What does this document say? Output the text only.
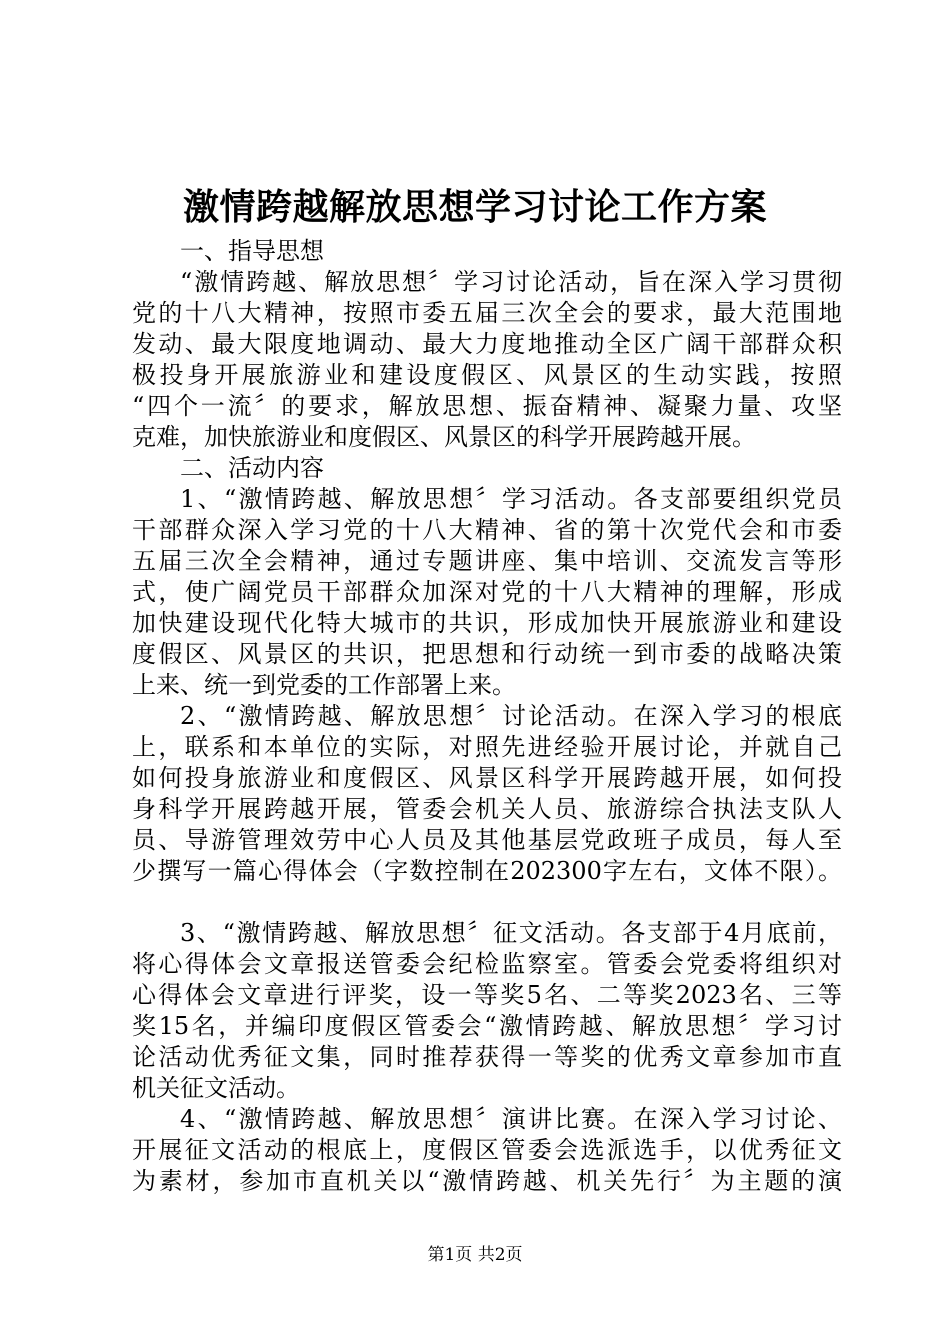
激情跨越解放思想学习讨论工作方案
一、指导思想
“激情跨越、解放思想〞学习讨论活动，旨在深入学习贯彻
党的十八大精神，按照市委五届三次全会的要求，最大范围地
发动、最大限度地调动、最大力度地推动全区广阔干部群众积
极投身开展旅游业和建设度假区、风景区的生动实践，按照
“四个一流〞的要求，解放思想、振奋精神、凝聚力量、攻坚
克难，加快旅游业和度假区、风景区的科学开展跨越开展。
二、活动内容
1、“激情跨越、解放思想〞学习活动。各支部要组织党员
干部群众深入学习党的十八大精神、省的第十次党代会和市委
五届三次全会精神，通过专题讲座、集中培训、交流发言等形
式，使广阔党员干部群众加深对党的十八大精神的理解，形成
加快建设现代化特大城市的共识，形成加快开展旅游业和建设
度假区、风景区的共识，把思想和行动统一到市委的战略决策
上来、统一到党委的工作部署上来。
2、“激情跨越、解放思想〞讨论活动。在深入学习的根底
上，联系和本单位的实际，对照先进经验开展讨论，并就自己
如何投身旅游业和度假区、风景区科学开展跨越开展，如何投
身科学开展跨越开展，管委会机关人员、旅游综合执法支队人
员、导游管理效劳中心人员及其他基层党政班子成员，每人至
少撰写一篇心得体会（字数控制在202300字左右，文体不限）。
3、“激情跨越、解放思想〞征文活动。各支部于4月底前，
将心得体会文章报送管委会纪检监察室。管委会党委将组织对
心得体会文章进行评奖，设一等奖5名、二等奖2023名、三等
奖15名，并编印度假区管委会“激情跨越、解放思想〞学习讨
论活动优秀征文集，同时推荐获得一等奖的优秀文章参加市直
机关征文活动。
4、“激情跨越、解放思想〞演讲比赛。在深入学习讨论、
开展征文活动的根底上，度假区管委会选派选手，以优秀征文
为素材，参加市直机关以“激情跨越、机关先行〞为主题的演
第1页 共2页
